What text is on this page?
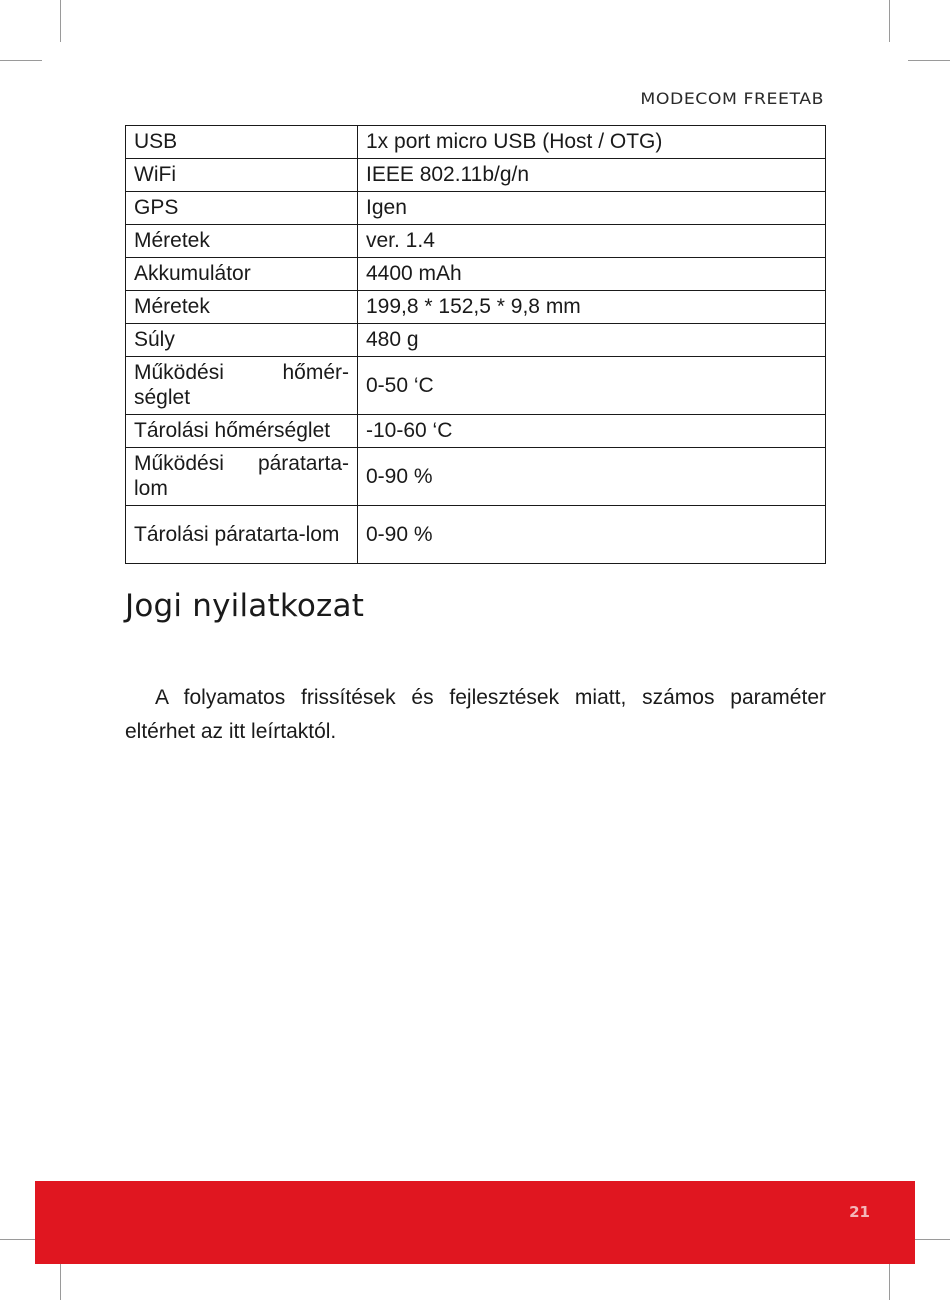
MODECOM FREETAB
USB	1x port micro USB (Host / OTG)
WiFi	IEEE 802.11b/g/n
GPS	Igen
Méretek	ver. 1.4
Akkumulátor	4400 mAh
Méretek	199,8 * 152,5 * 9,8 mm
Súly	480 g
Működési hőmér-séglet	0-50 ‘C
Tárolási hőmérséglet	-10-60 ‘C
Működési páratarta-lom	0-90 %
Tárolási páratarta-lom	0-90 %
Jogi nyilatkozat

A folyamatos frissítések és fejlesztések miatt, számos paraméter eltérhet az itt leírtaktól.

21
